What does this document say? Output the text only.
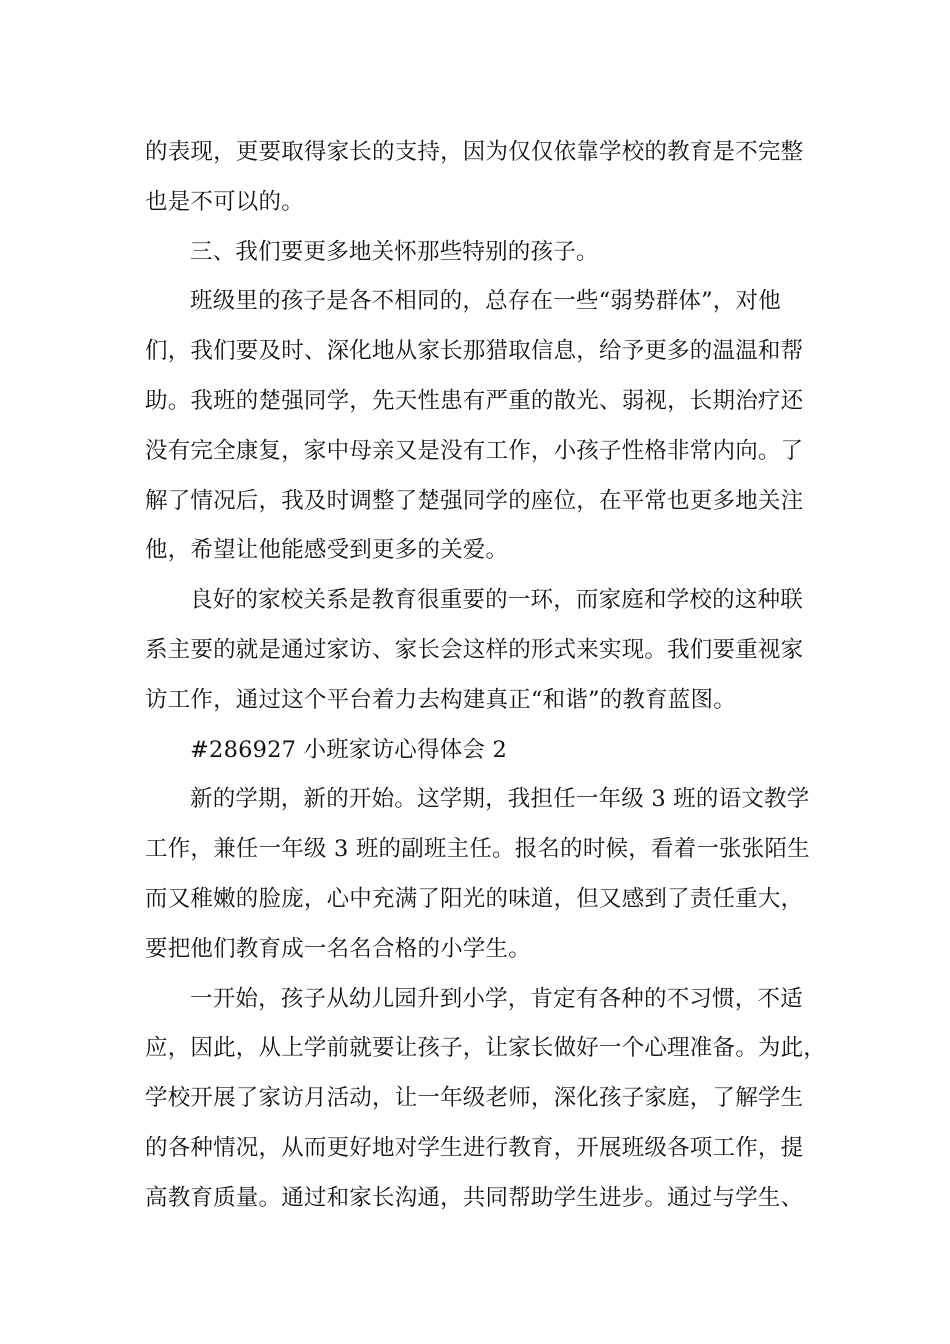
的表现，更要取得家长的支持，因为仅仅依靠学校的教育是不完整
也是不可以的。
三、我们要更多地关怀那些特别的孩子。
班级里的孩子是各不相同的，总存在一些“弱势群体”，对他
们，我们要及时、深化地从家长那猎取信息，给予更多的温温和帮
助。我班的楚强同学，先天性患有严重的散光、弱视，长期治疗还
没有完全康复，家中母亲又是没有工作，小孩子性格非常内向。了
解了情况后，我及时调整了楚强同学的座位，在平常也更多地关注
他，希望让他能感受到更多的关爱。
良好的家校关系是教育很重要的一环，而家庭和学校的这种联
系主要的就是通过家访、家长会这样的形式来实现。我们要重视家
访工作，通过这个平台着力去构建真正“和谐”的教育蓝图。
#286927 小班家访心得体会 2
新的学期，新的开始。这学期，我担任一年级 3 班的语文教学
工作，兼任一年级 3 班的副班主任。报名的时候，看着一张张陌生
而又稚嫩的脸庞，心中充满了阳光的味道，但又感到了责任重大，
要把他们教育成一名名合格的小学生。
一开始，孩子从幼儿园升到小学，肯定有各种的不习惯，不适
应，因此，从上学前就要让孩子，让家长做好一个心理准备。为此，
学校开展了家访月活动，让一年级老师，深化孩子家庭，了解学生
的各种情况，从而更好地对学生进行教育，开展班级各项工作，提
高教育质量。通过和家长沟通，共同帮助学生进步。通过与学生、
